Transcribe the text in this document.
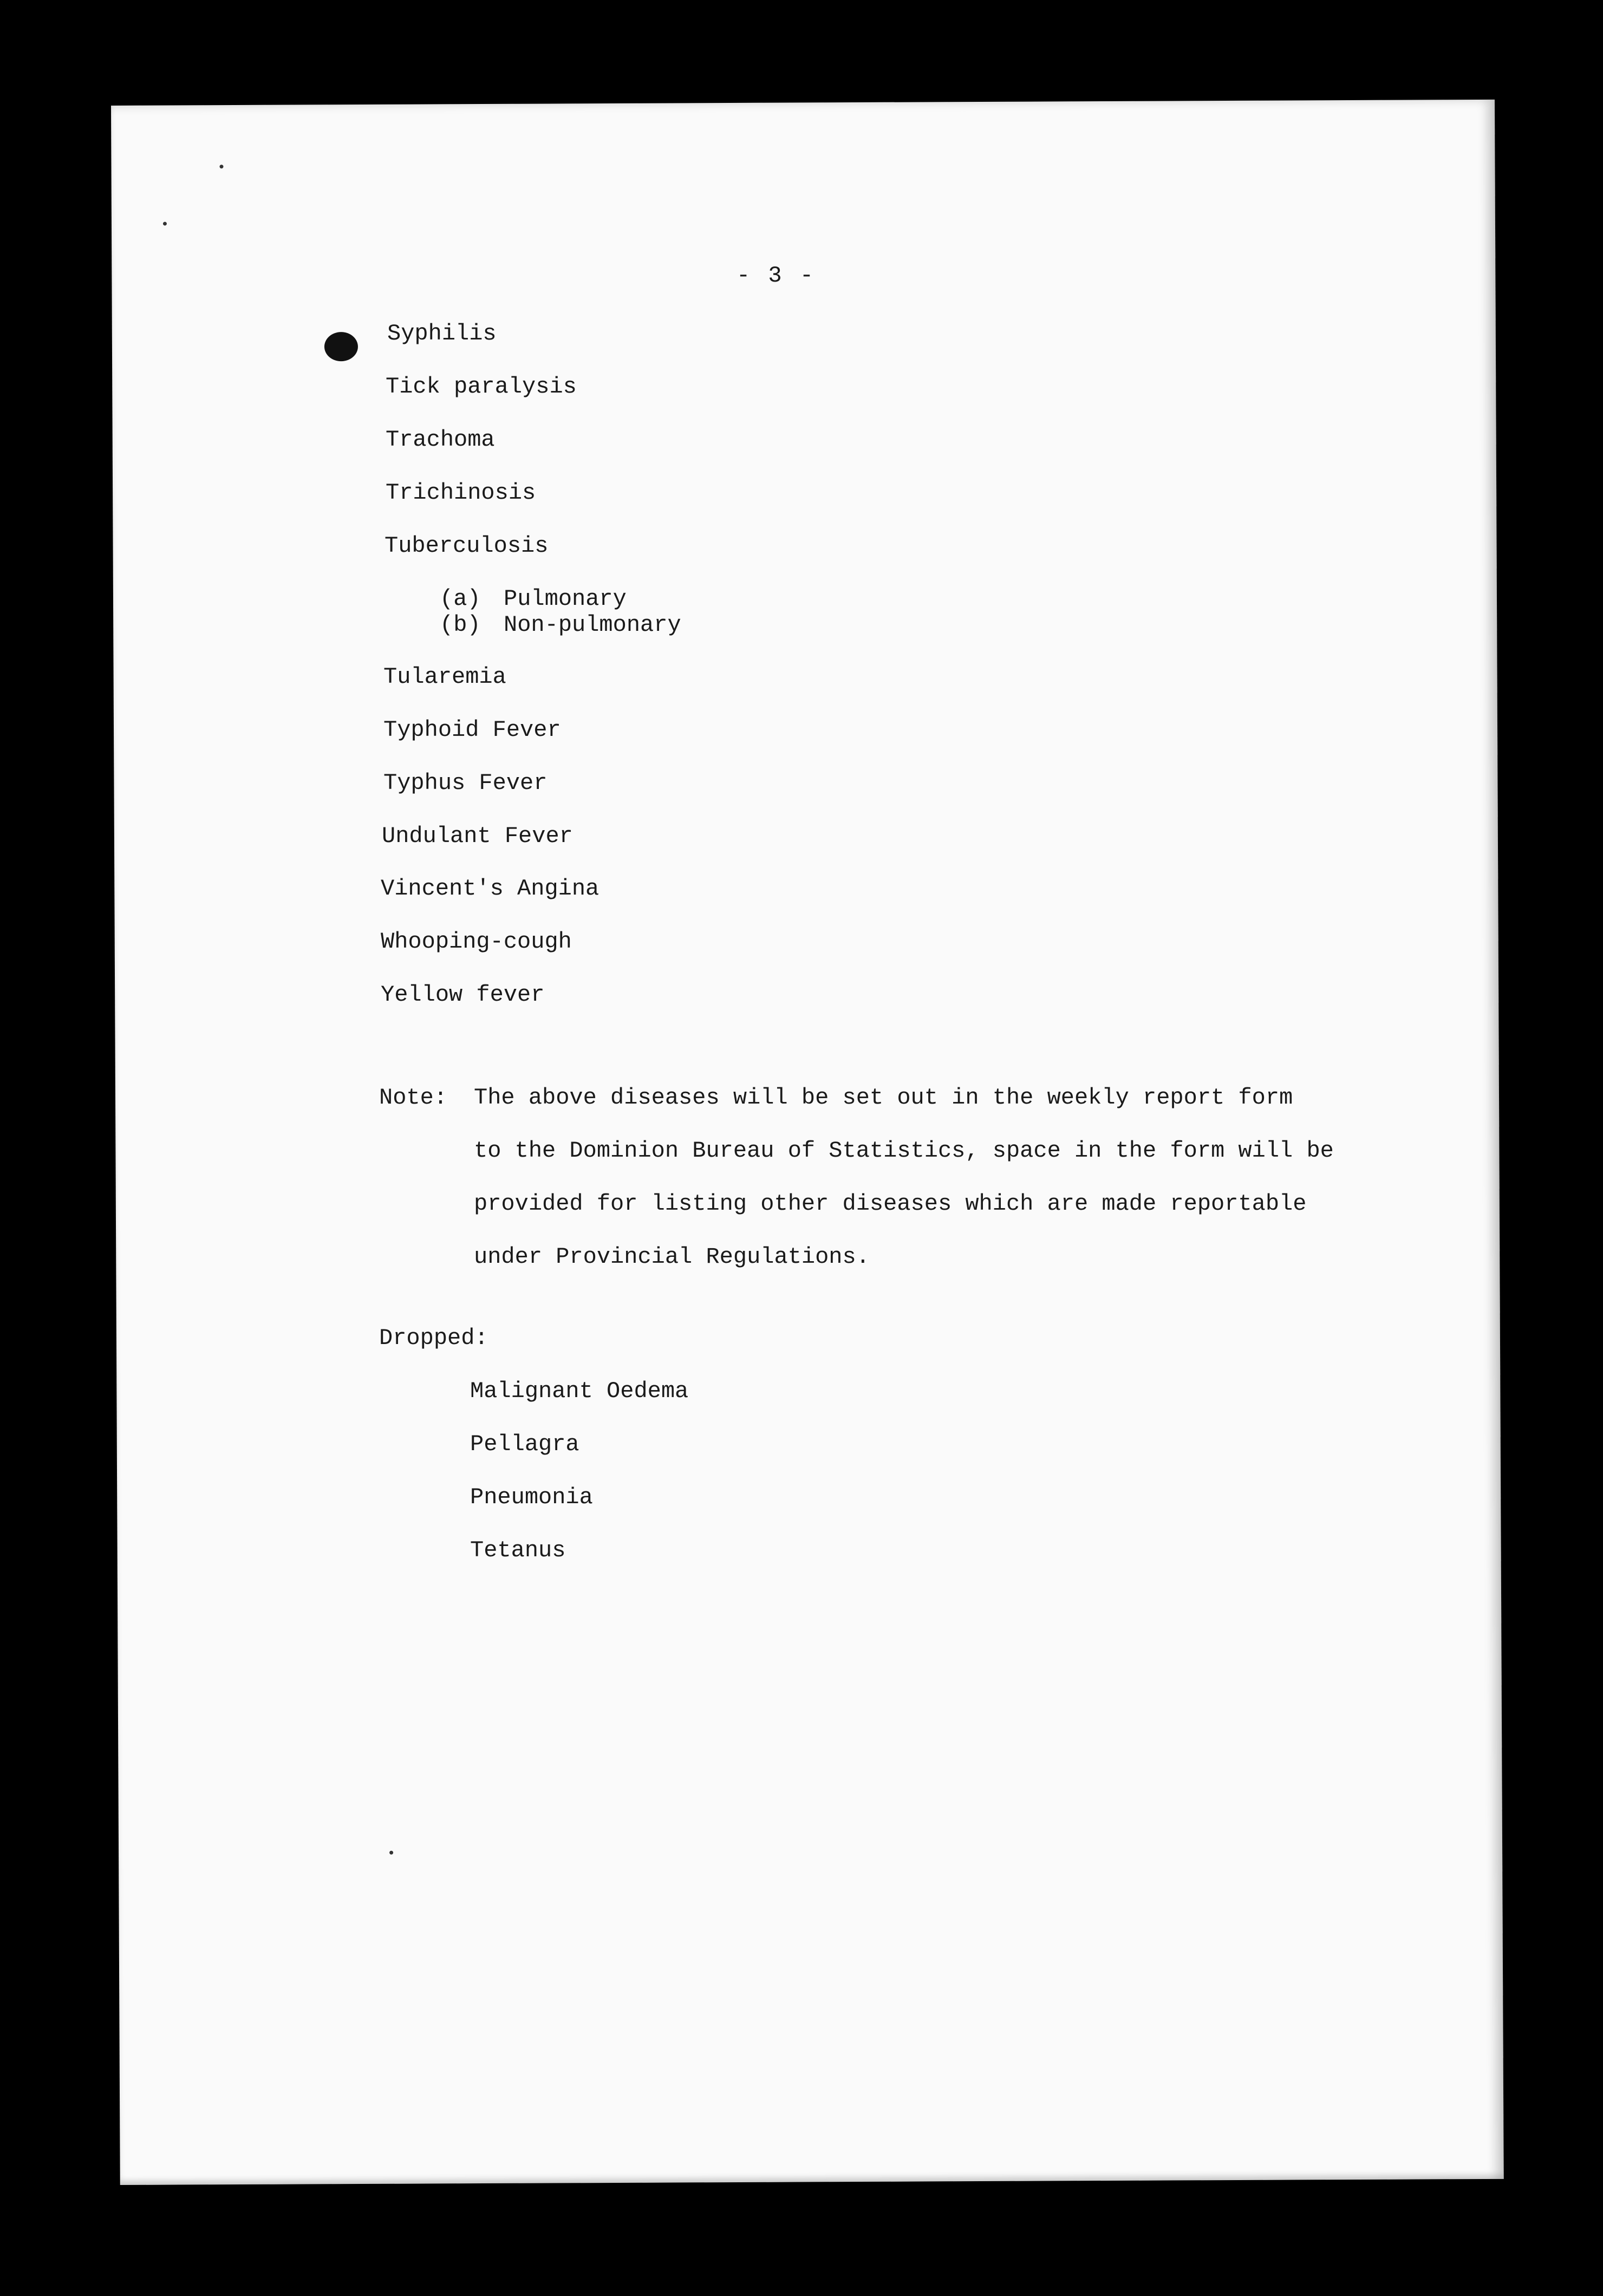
- 3 -
Syphilis
Tick paralysis
Trachoma
Trichinosis
Tuberculosis
(a) Pulmonary
(b) Non-pulmonary
Tularemia
Typhoid Fever
Typhus Fever
Undulant Fever
Vincent's Angina
Whooping-cough
Yellow fever
Note: The above diseases will be set out in the weekly report form
to the Dominion Bureau of Statistics, space in the form will be
provided for listing other diseases which are made reportable
under Provincial Regulations.
Dropped:
Malignant Oedema
Pellagra
Pneumonia
Tetanus
